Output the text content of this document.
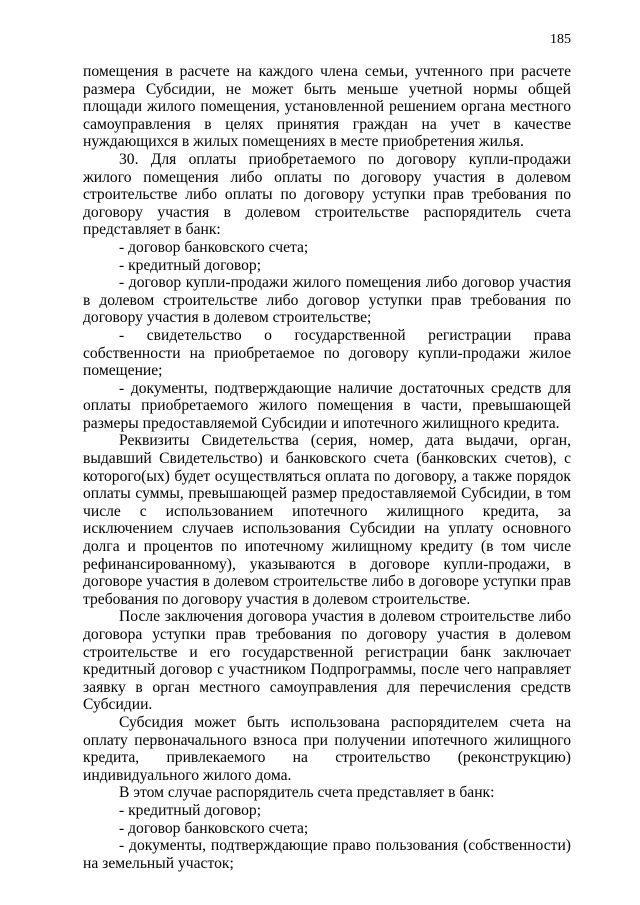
185

помещения в расчете на каждого члена семьи, учтенного при расчете размера Субсидии, не может быть меньше учетной нормы общей площади жилого помещения, установленной решением органа местного самоуправления в целях принятия граждан на учет в качестве нуждающихся в жилых помещениях в месте приобретения жилья.

30. Для оплаты приобретаемого по договору купли-продажи жилого помещения либо оплаты по договору участия в долевом строительстве либо оплаты по договору уступки прав требования по договору участия в долевом строительстве распорядитель счета представляет в банк:

- договор банковского счета;

- кредитный договор;

- договор купли-продажи жилого помещения либо договор участия в долевом строительстве либо договор уступки прав требования по договору участия в долевом строительстве;

- свидетельство о государственной регистрации права собственности на приобретаемое по договору купли-продажи жилое помещение;

- документы, подтверждающие наличие достаточных средств для оплаты приобретаемого жилого помещения в части, превышающей размеры предоставляемой Субсидии и ипотечного жилищного кредита.

Реквизиты Свидетельства (серия, номер, дата выдачи, орган, выдавший Свидетельство) и банковского счета (банковских счетов), с которого(ых) будет осуществляться оплата по договору, а также порядок оплаты суммы, превышающей размер предоставляемой Субсидии, в том числе с использованием ипотечного жилищного кредита, за исключением случаев использования Субсидии на уплату основного долга и процентов по ипотечному жилищному кредиту (в том числе рефинансированному), указываются в договоре купли-продажи, в договоре участия в долевом строительстве либо в договоре уступки прав требования по договору участия в долевом строительстве.

После заключения договора участия в долевом строительстве либо договора уступки прав требования по договору участия в долевом строительстве и его государственной регистрации банк заключает кредитный договор с участником Подпрограммы, после чего направляет заявку в орган местного самоуправления для перечисления средств Субсидии.

Субсидия может быть использована распорядителем счета на оплату первоначального взноса при получении ипотечного жилищного кредита, привлекаемого на строительство (реконструкцию) индивидуального жилого дома.

В этом случае распорядитель счета представляет в банк:

- кредитный договор;

- договор банковского счета;

- документы, подтверждающие право пользования (собственности) на земельный участок;
